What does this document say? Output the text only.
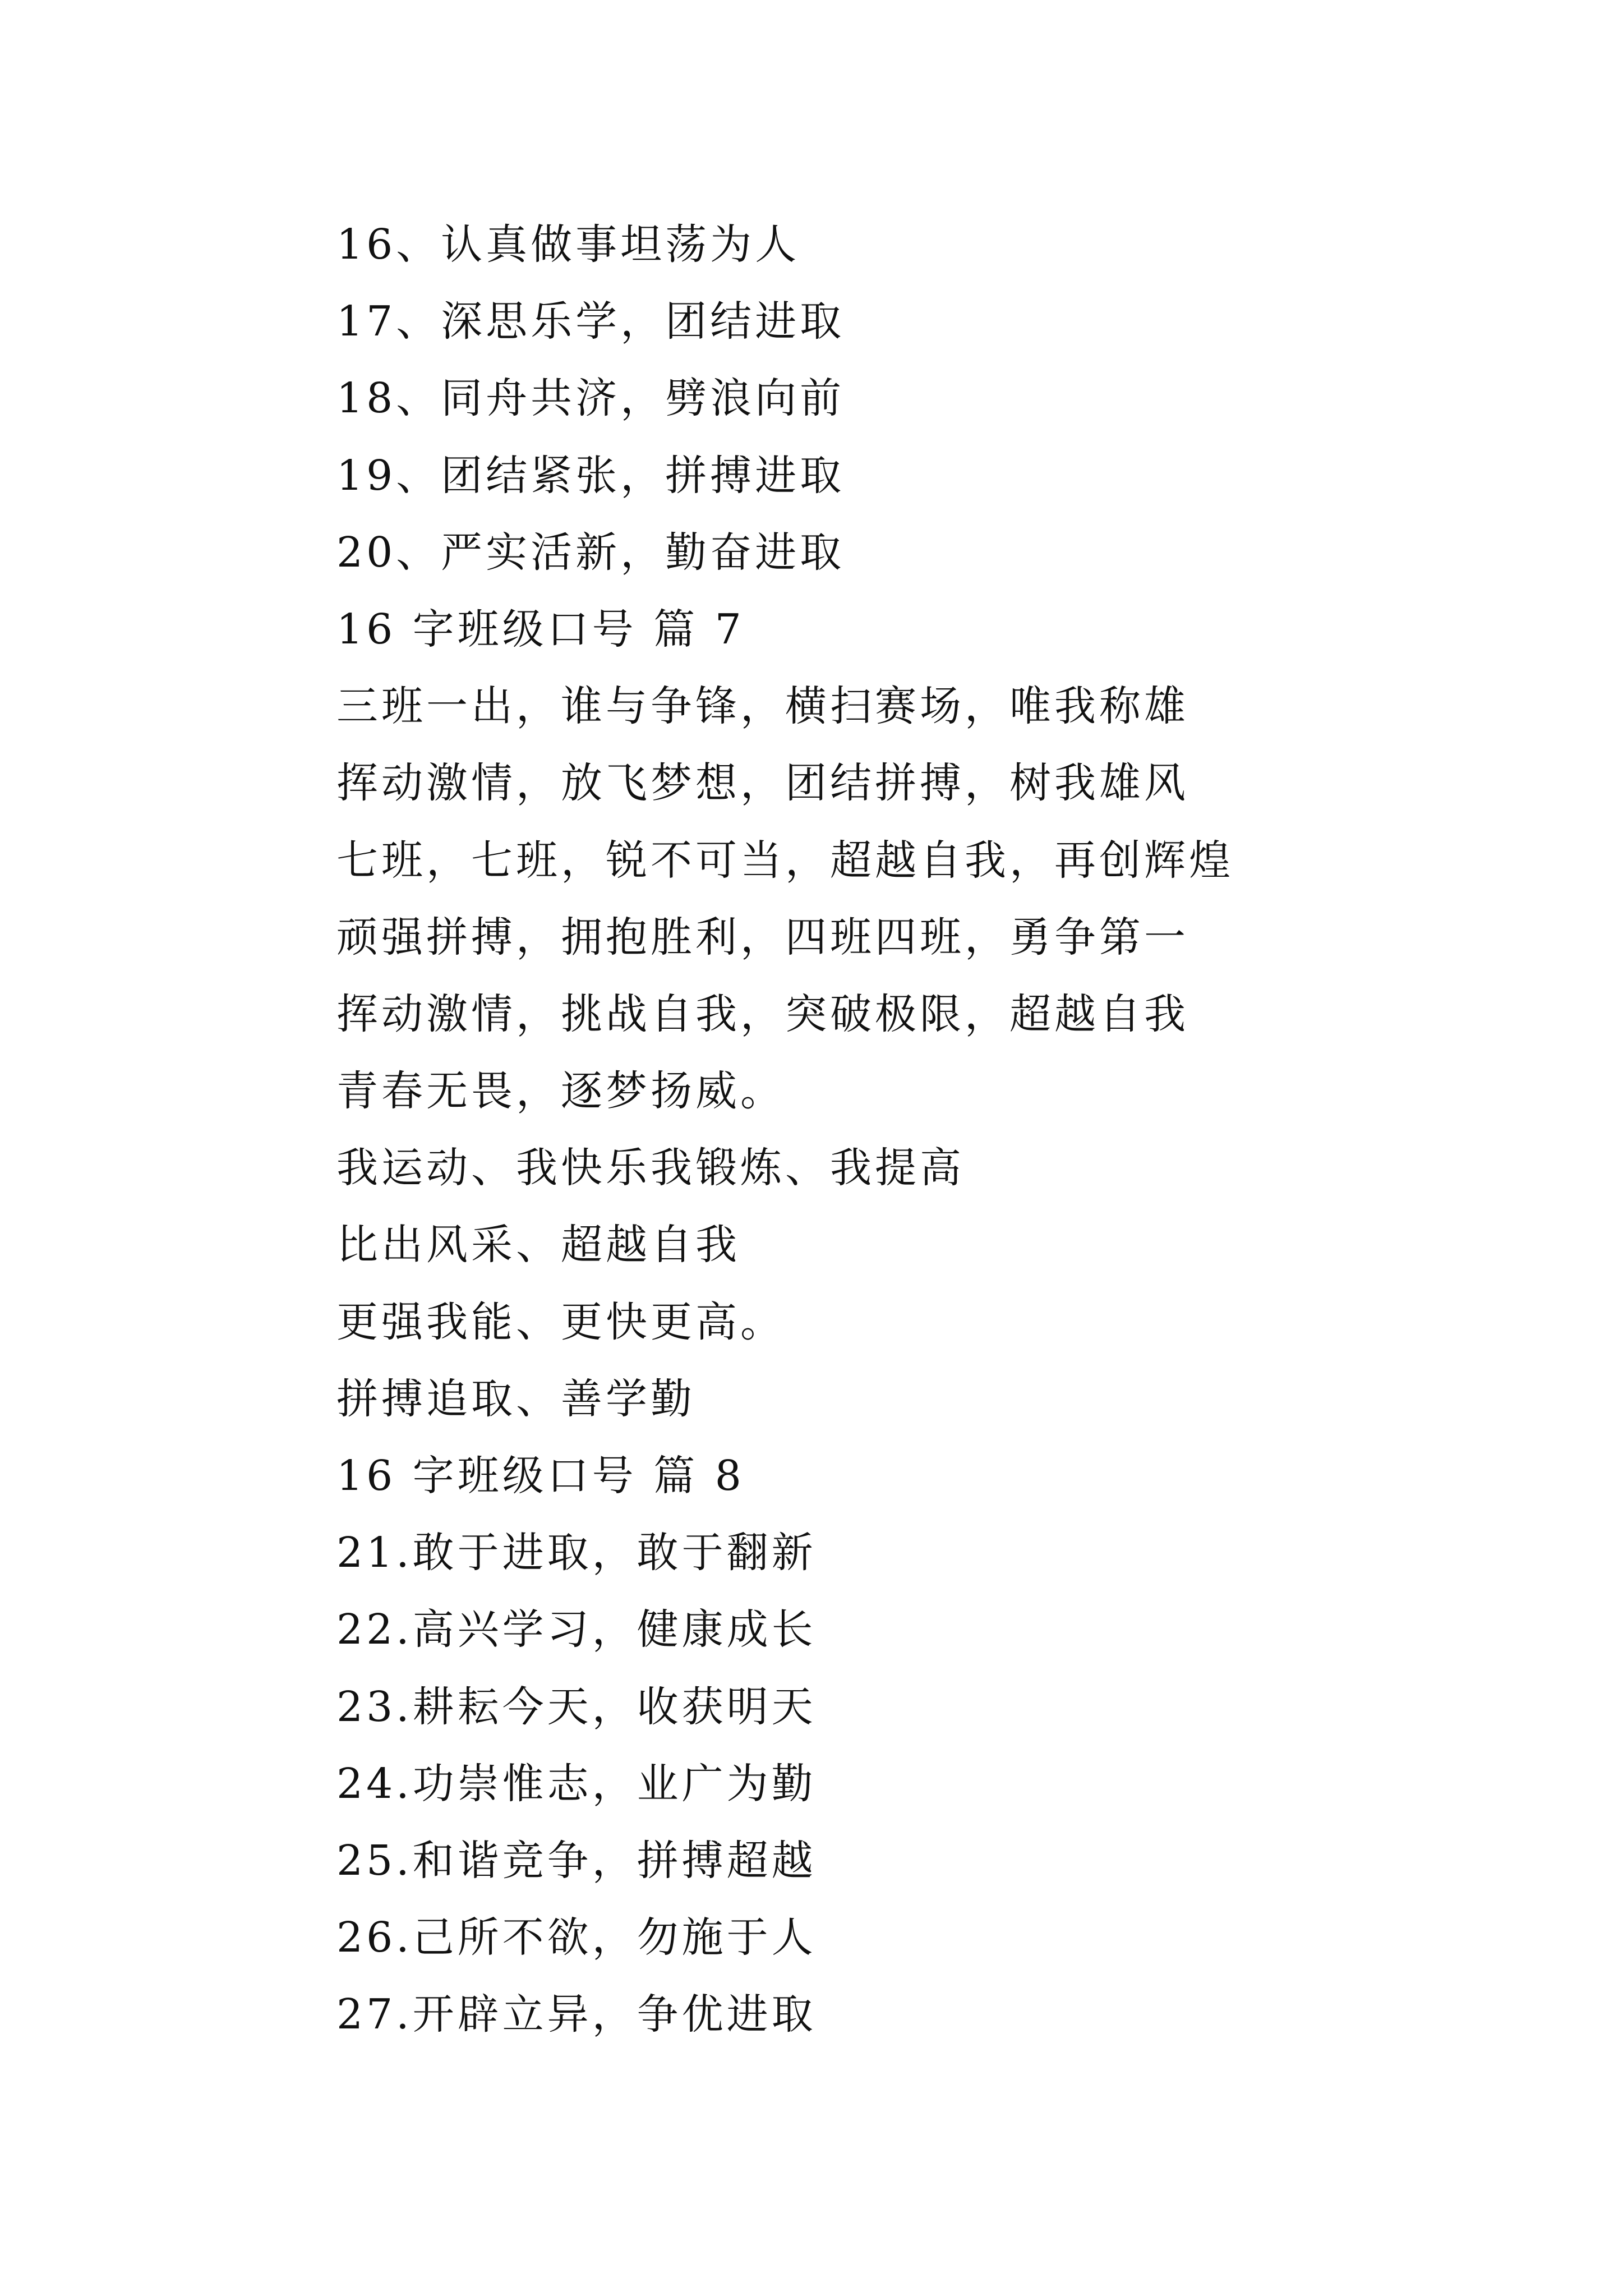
16、认真做事坦荡为人
17、深思乐学，团结进取
18、同舟共济，劈浪向前
19、团结紧张，拼搏进取
20、严实活新，勤奋进取
16 字班级口号 篇 7
三班一出，谁与争锋，横扫赛场，唯我称雄
挥动激情，放飞梦想，团结拼搏，树我雄风
七班，七班，锐不可当，超越自我，再创辉煌
顽强拼搏，拥抱胜利，四班四班，勇争第一
挥动激情，挑战自我，突破极限，超越自我
青春无畏，逐梦扬威。
我运动、我快乐我锻炼、我提高
比出风采、超越自我
更强我能、更快更高。
拼搏追取、善学勤
16 字班级口号 篇 8
21.敢于进取，敢于翻新
22.高兴学习，健康成长
23.耕耘今天，收获明天
24.功崇惟志，业广为勤
25.和谐竞争，拼搏超越
26.己所不欲，勿施于人
27.开辟立异，争优进取
